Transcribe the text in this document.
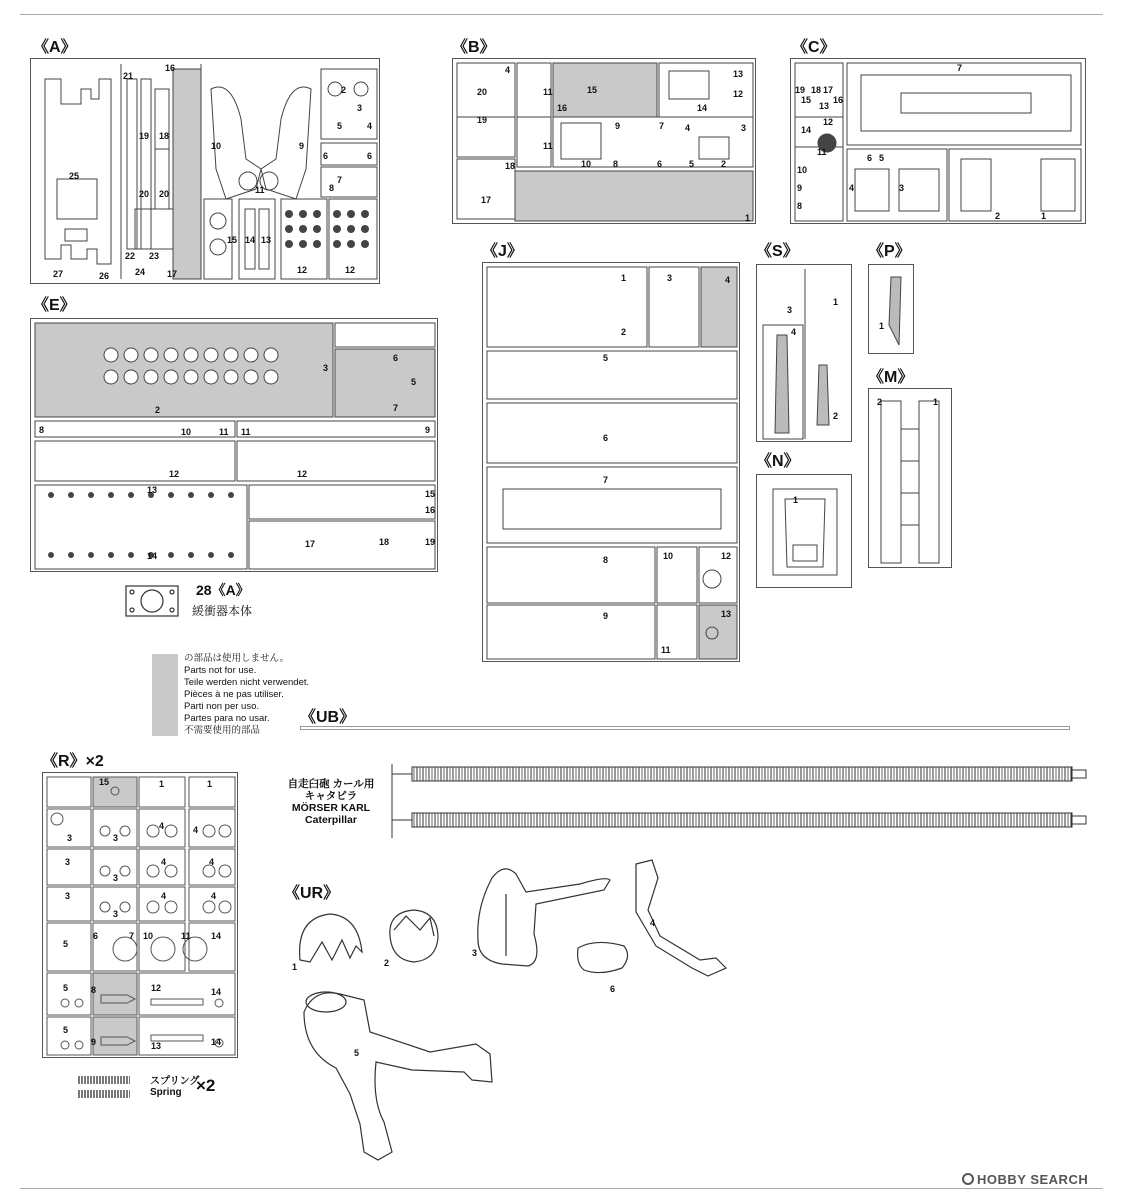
《A》
21
19 18
20 20
22 23
24
27	26
25
16
10	9
11
17
15 14 13
12	12
2
3
5	4
6	6
7
8
《B》
4
20
19
11
16
15
14
13
12
3
9	7 4
11
10 8	6	5	2
18
17
1
《C》
7
19
15
18 17
16
13
14
12
11
10
9
8
6 5
4	3
2	1
《E》
3
6
5
7
2
8	10	11 11	9
12	12
13	15
16
14
17	18	19
28《A》
緩衝器本体
の部品は使用しません。
Parts not for use.
Teile werden nicht verwendet.
Pièces à ne pas utiliser.
Parti non per uso.
Partes para no usar.
不需要使用的部品
《J》
1
2
3	4
5
6
7
8
9
10
11
12
13
《S》
1
3
4
2
《P》
1
《M》
2	1
《N》
1
《UB》
自走臼砲 カール用
キャタピラ
MÖRSER KARL
Caterpillar
《R》×2
15	1	1
3	3
4	4
3
3
4	4
3
3
4	4
5
6	7 10	11 14
5	8	12	14
5
9	13	14
スプリング
Spring ×2
《UR》
1	2
3
4
5
6
HOBBY SEARCH
